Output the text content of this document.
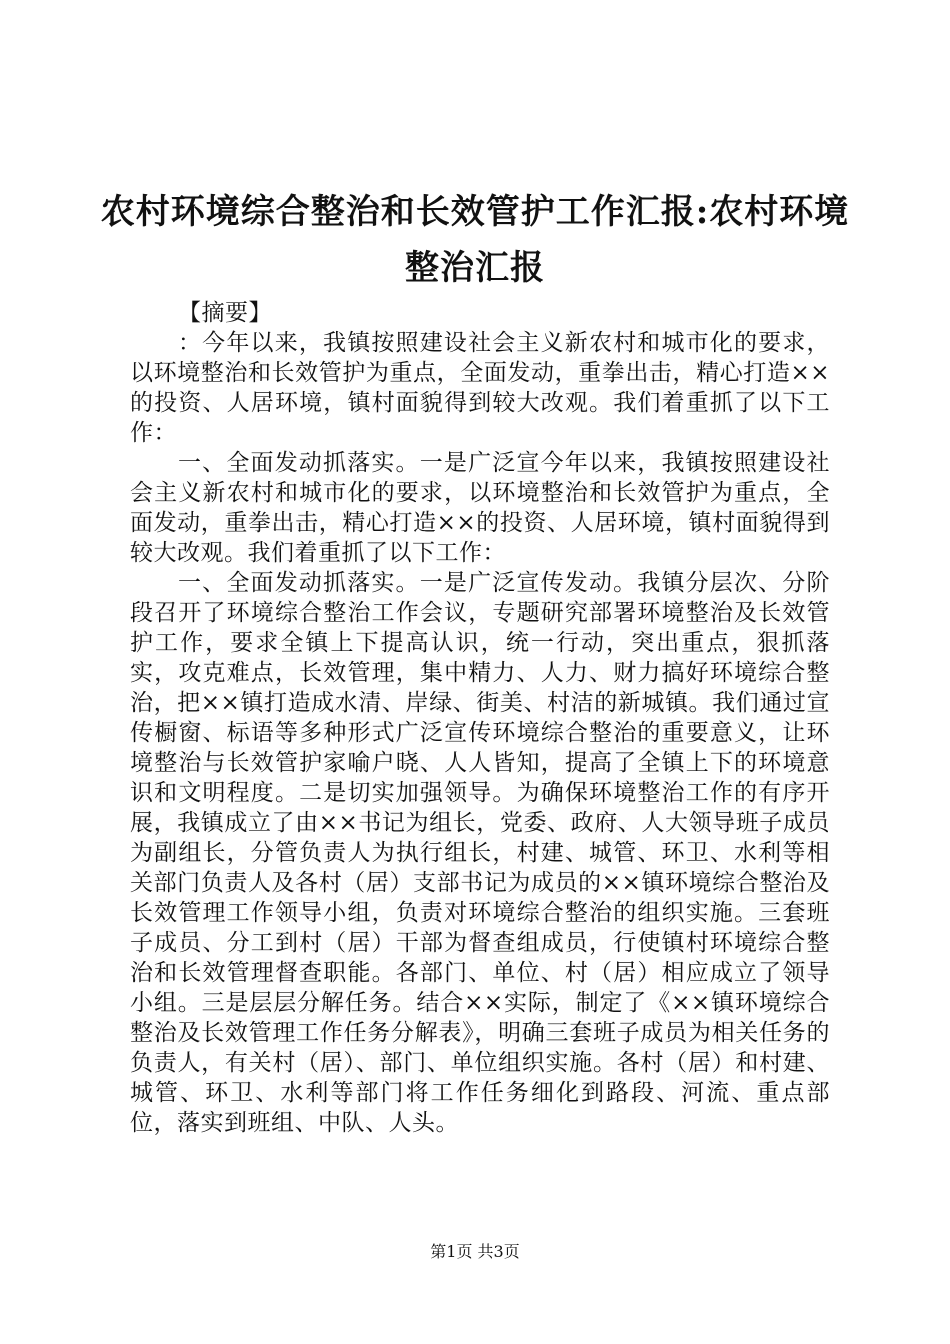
农村环境综合整治和长效管护工作汇报:农村环境整治汇报

【摘要】

：今年以来，我镇按照建设社会主义新农村和城市化的要求，以环境整治和长效管护为重点，全面发动，重拳出击，精心打造××的投资、人居环境，镇村面貌得到较大改观。我们着重抓了以下工作：

一、全面发动抓落实。一是广泛宣今年以来，我镇按照建设社会主义新农村和城市化的要求，以环境整治和长效管护为重点，全面发动，重拳出击，精心打造××的投资、人居环境，镇村面貌得到较大改观。我们着重抓了以下工作：

一、全面发动抓落实。一是广泛宣传发动。我镇分层次、分阶段召开了环境综合整治工作会议，专题研究部署环境整治及长效管护工作，要求全镇上下提高认识，统一行动，突出重点，狠抓落实，攻克难点，长效管理，集中精力、人力、财力搞好环境综合整治，把××镇打造成水清、岸绿、街美、村洁的新城镇。我们通过宣传橱窗、标语等多种形式广泛宣传环境综合整治的重要意义，让环境整治与长效管护家喻户晓、人人皆知，提高了全镇上下的环境意识和文明程度。二是切实加强领导。为确保环境整治工作的有序开展，我镇成立了由××书记为组长，党委、政府、人大领导班子成员为副组长，分管负责人为执行组长，村建、城管、环卫、水利等相关部门负责人及各村（居）支部书记为成员的××镇环境综合整治及长效管理工作领导小组，负责对环境综合整治的组织实施。三套班子成员、分工到村（居）干部为督查组成员，行使镇村环境综合整治和长效管理督查职能。各部门、单位、村（居）相应成立了领导小组。三是层层分解任务。结合××实际，制定了《××镇环境综合整治及长效管理工作任务分解表》，明确三套班子成员为相关任务的负责人，有关村（居）、部门、单位组织实施。各村（居）和村建、城管、环卫、水利等部门将工作任务细化到路段、河流、重点部位，落实到班组、中队、人头。

第1页 共3页
